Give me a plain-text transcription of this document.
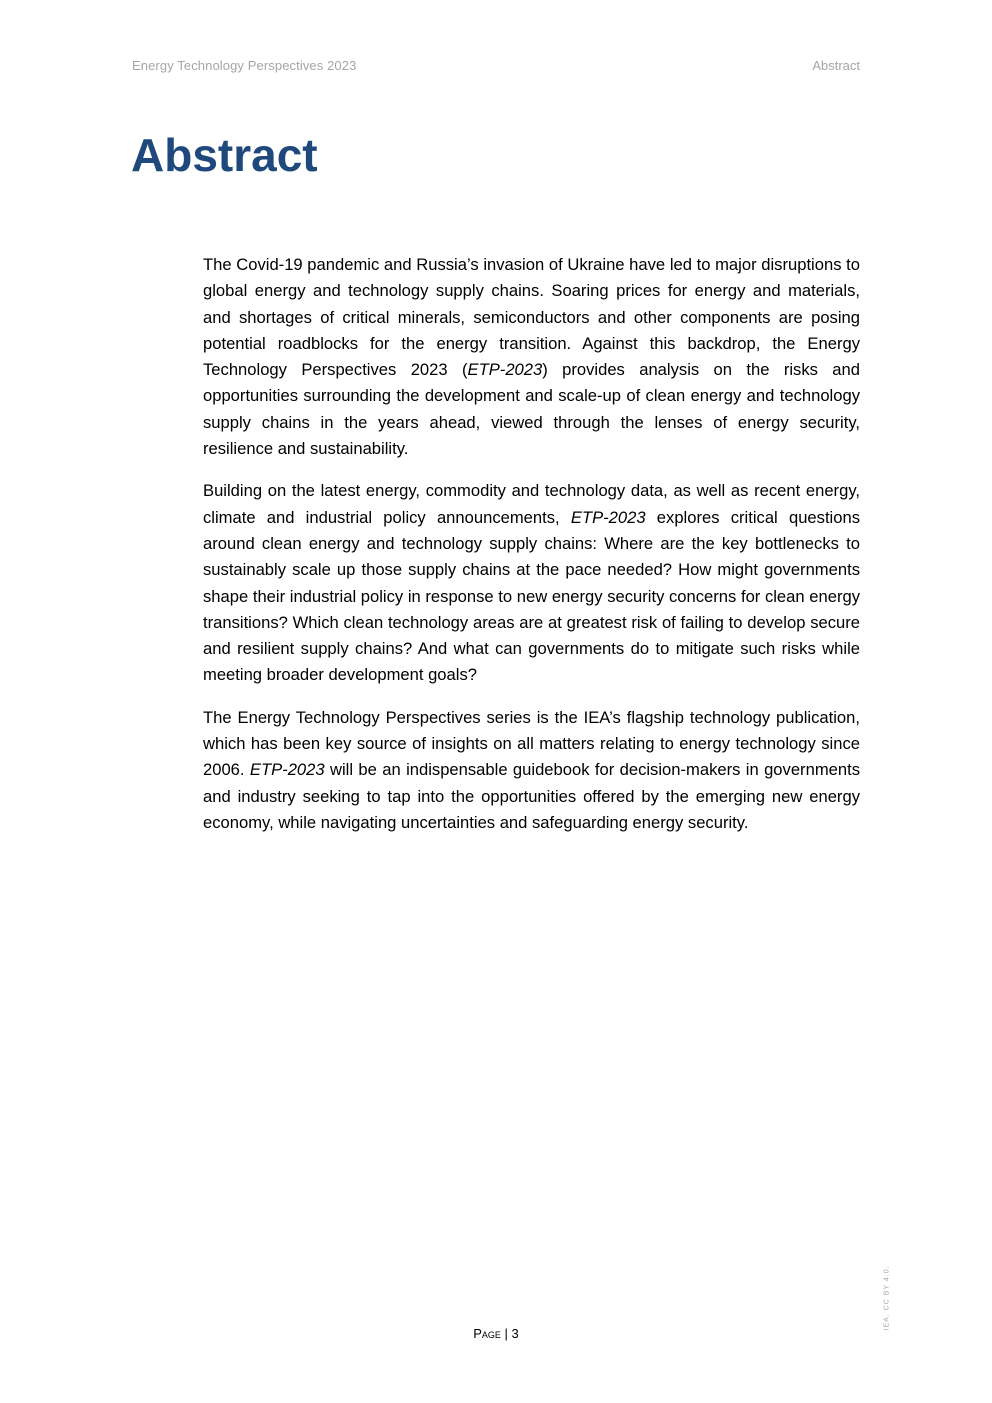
Energy Technology Perspectives 2023	Abstract
Abstract

The Covid-19 pandemic and Russia’s invasion of Ukraine have led to major disruptions to global energy and technology supply chains. Soaring prices for energy and materials, and shortages of critical minerals, semiconductors and other components are posing potential roadblocks for the energy transition. Against this backdrop, the Energy Technology Perspectives 2023 (ETP-2023) provides analysis on the risks and opportunities surrounding the development and scale-up of clean energy and technology supply chains in the years ahead, viewed through the lenses of energy security, resilience and sustainability.

Building on the latest energy, commodity and technology data, as well as recent energy, climate and industrial policy announcements, ETP-2023 explores critical questions around clean energy and technology supply chains: Where are the key bottlenecks to sustainably scale up those supply chains at the pace needed? How might governments shape their industrial policy in response to new energy security concerns for clean energy transitions? Which clean technology areas are at greatest risk of failing to develop secure and resilient supply chains? And what can governments do to mitigate such risks while meeting broader development goals?

The Energy Technology Perspectives series is the IEA’s flagship technology publication, which has been key source of insights on all matters relating to energy technology since 2006. ETP-2023 will be an indispensable guidebook for decision-makers in governments and industry seeking to tap into the opportunities offered by the emerging new energy economy, while navigating uncertainties and safeguarding energy security.

Page | 3
IEA. CC BY 4.0.
